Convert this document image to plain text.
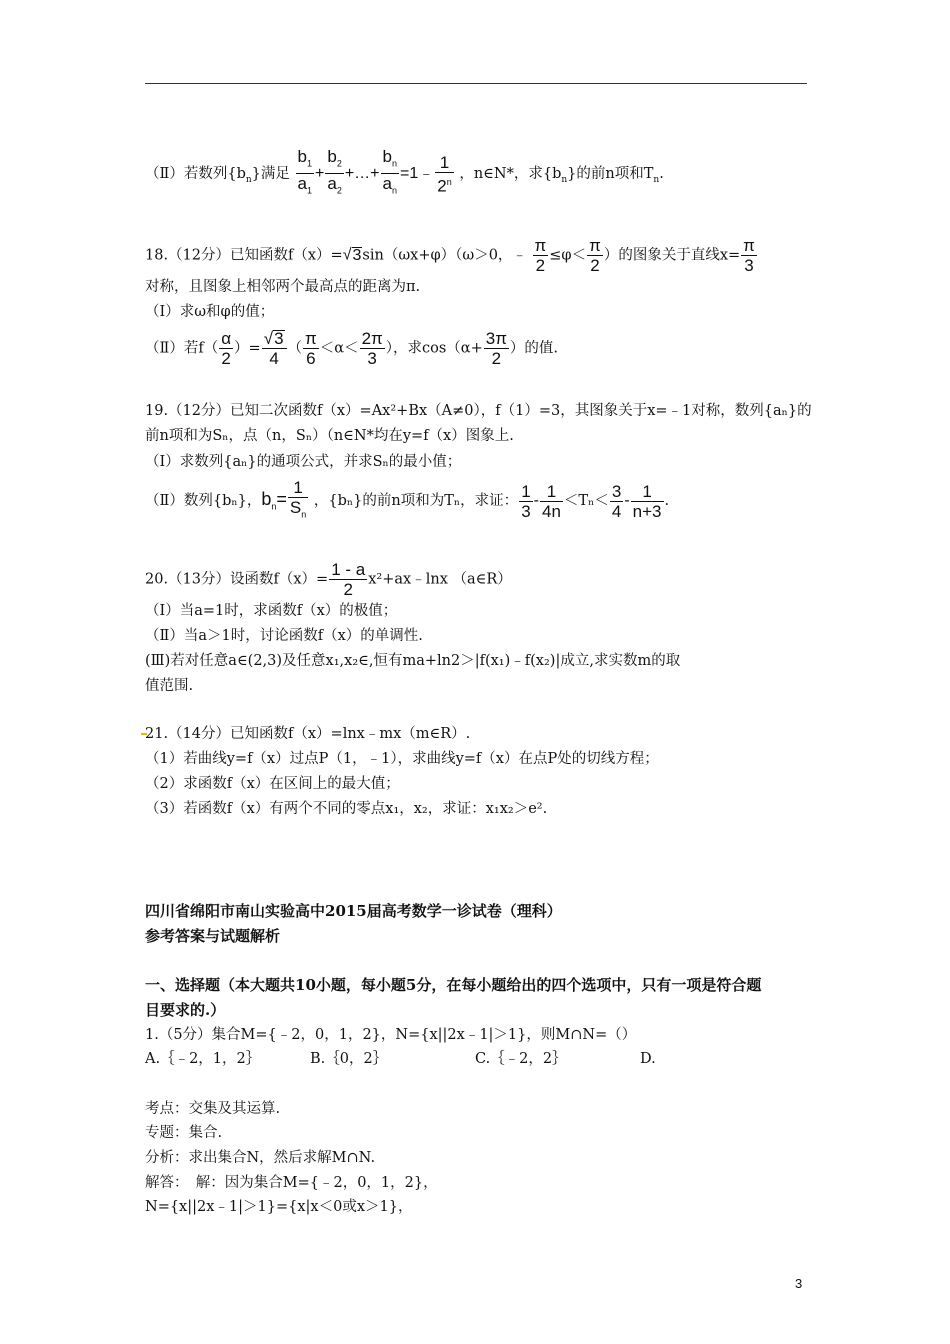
（Ⅱ）若数列$\{b_n\}$满足 $\frac{b_1}{a_1} + \frac{b_2}{a_2}$ +…+ $\frac{b_n}{a_n}$ =1﹣ $\frac{1}{2^n}$ ，n∈N*，求$\{b_n\}$的前n项和$T_n$.
18.（12分）已知函数f（x）=√3sin（ωx+φ）（ω＞0，﹣ $\frac{\pi}{2} \le\varphi< \frac{\pi}{2}$ ）的图象关于直线$x= \frac{\pi}{3}$
对称，且图象上相邻两个最高点的距离为π.
（Ⅰ）求ω和φ的值；
（Ⅱ）若$f( \frac{\alpha}{2}$ ）= $\frac{√3}{4}$ （ $\frac{\pi}{6} <\alpha< \frac{2\pi}{3}$ ），求$\cos(\alpha+ \frac{3\pi}{2}$ ）的值.
19.（12分）已知二次函数f（x）=Ax²+Bx（A≠0），f（1）=3，其图象关于x=﹣1对称，数列{aₙ}的
前n项和为Sₙ，点（n，Sₙ）（n∈N*均在y=f（x）图象上.
（Ⅰ）求数列{aₙ}的通项公式，并求Sₙ的最小值；
（Ⅱ）数列{bₙ}，$b_n= \frac{1}{S_n}$ ，{bₙ}的前n项和为Tₙ，求证： $\frac{1}{3} - \frac{1}{4n} <T_n< \frac{3}{4} - \frac{1}{n+3}$ .
20.（13分）设函数$f(x)= \frac{1 - a}{2}$ x²+ax﹣lnx （a∈R）
（Ⅰ）当a=1时，求函数f（x）的极值；
（Ⅱ）当a＞1时，讨论函数f（x）的单调性.
(Ⅲ)若对任意a∈(2,3)及任意x₁,x₂∈,恒有ma+ln2＞|f(x₁)﹣f(x₂)|成立,求实数m的取
值范围.
21.（14分）已知函数f（x）=lnx﹣mx（m∈R）.
（1）若曲线y=f（x）过点P（1，﹣1），求曲线y=f（x）在点P处的切线方程；
（2）求函数f（x）在区间上的最大值；
（3）若函数f（x）有两个不同的零点x₁，x₂，求证：x₁x₂＞e².
四川省绵阳市南山实验高中2015届高考数学一诊试卷（理科）
参考答案与试题解析
一、选择题（本大题共10小题，每小题5分，在每小题给出的四个选项中，只有一项是符合题
目要求的.）
1.（5分）集合M={﹣2，0，1，2}，N={x||2x﹣1|＞1}，则M∩N=（）
A.｛﹣2，1，2｝	B.｛0，2｝	C.｛﹣2，2｝	D.
考点：交集及其运算.
专题：集合.
分析：求出集合N，然后求解M∩N.
解答：　解：因为集合M={﹣2，0，1，2}，
N={x||2x﹣1|＞1}={x|x＜0或x＞1}，
3
